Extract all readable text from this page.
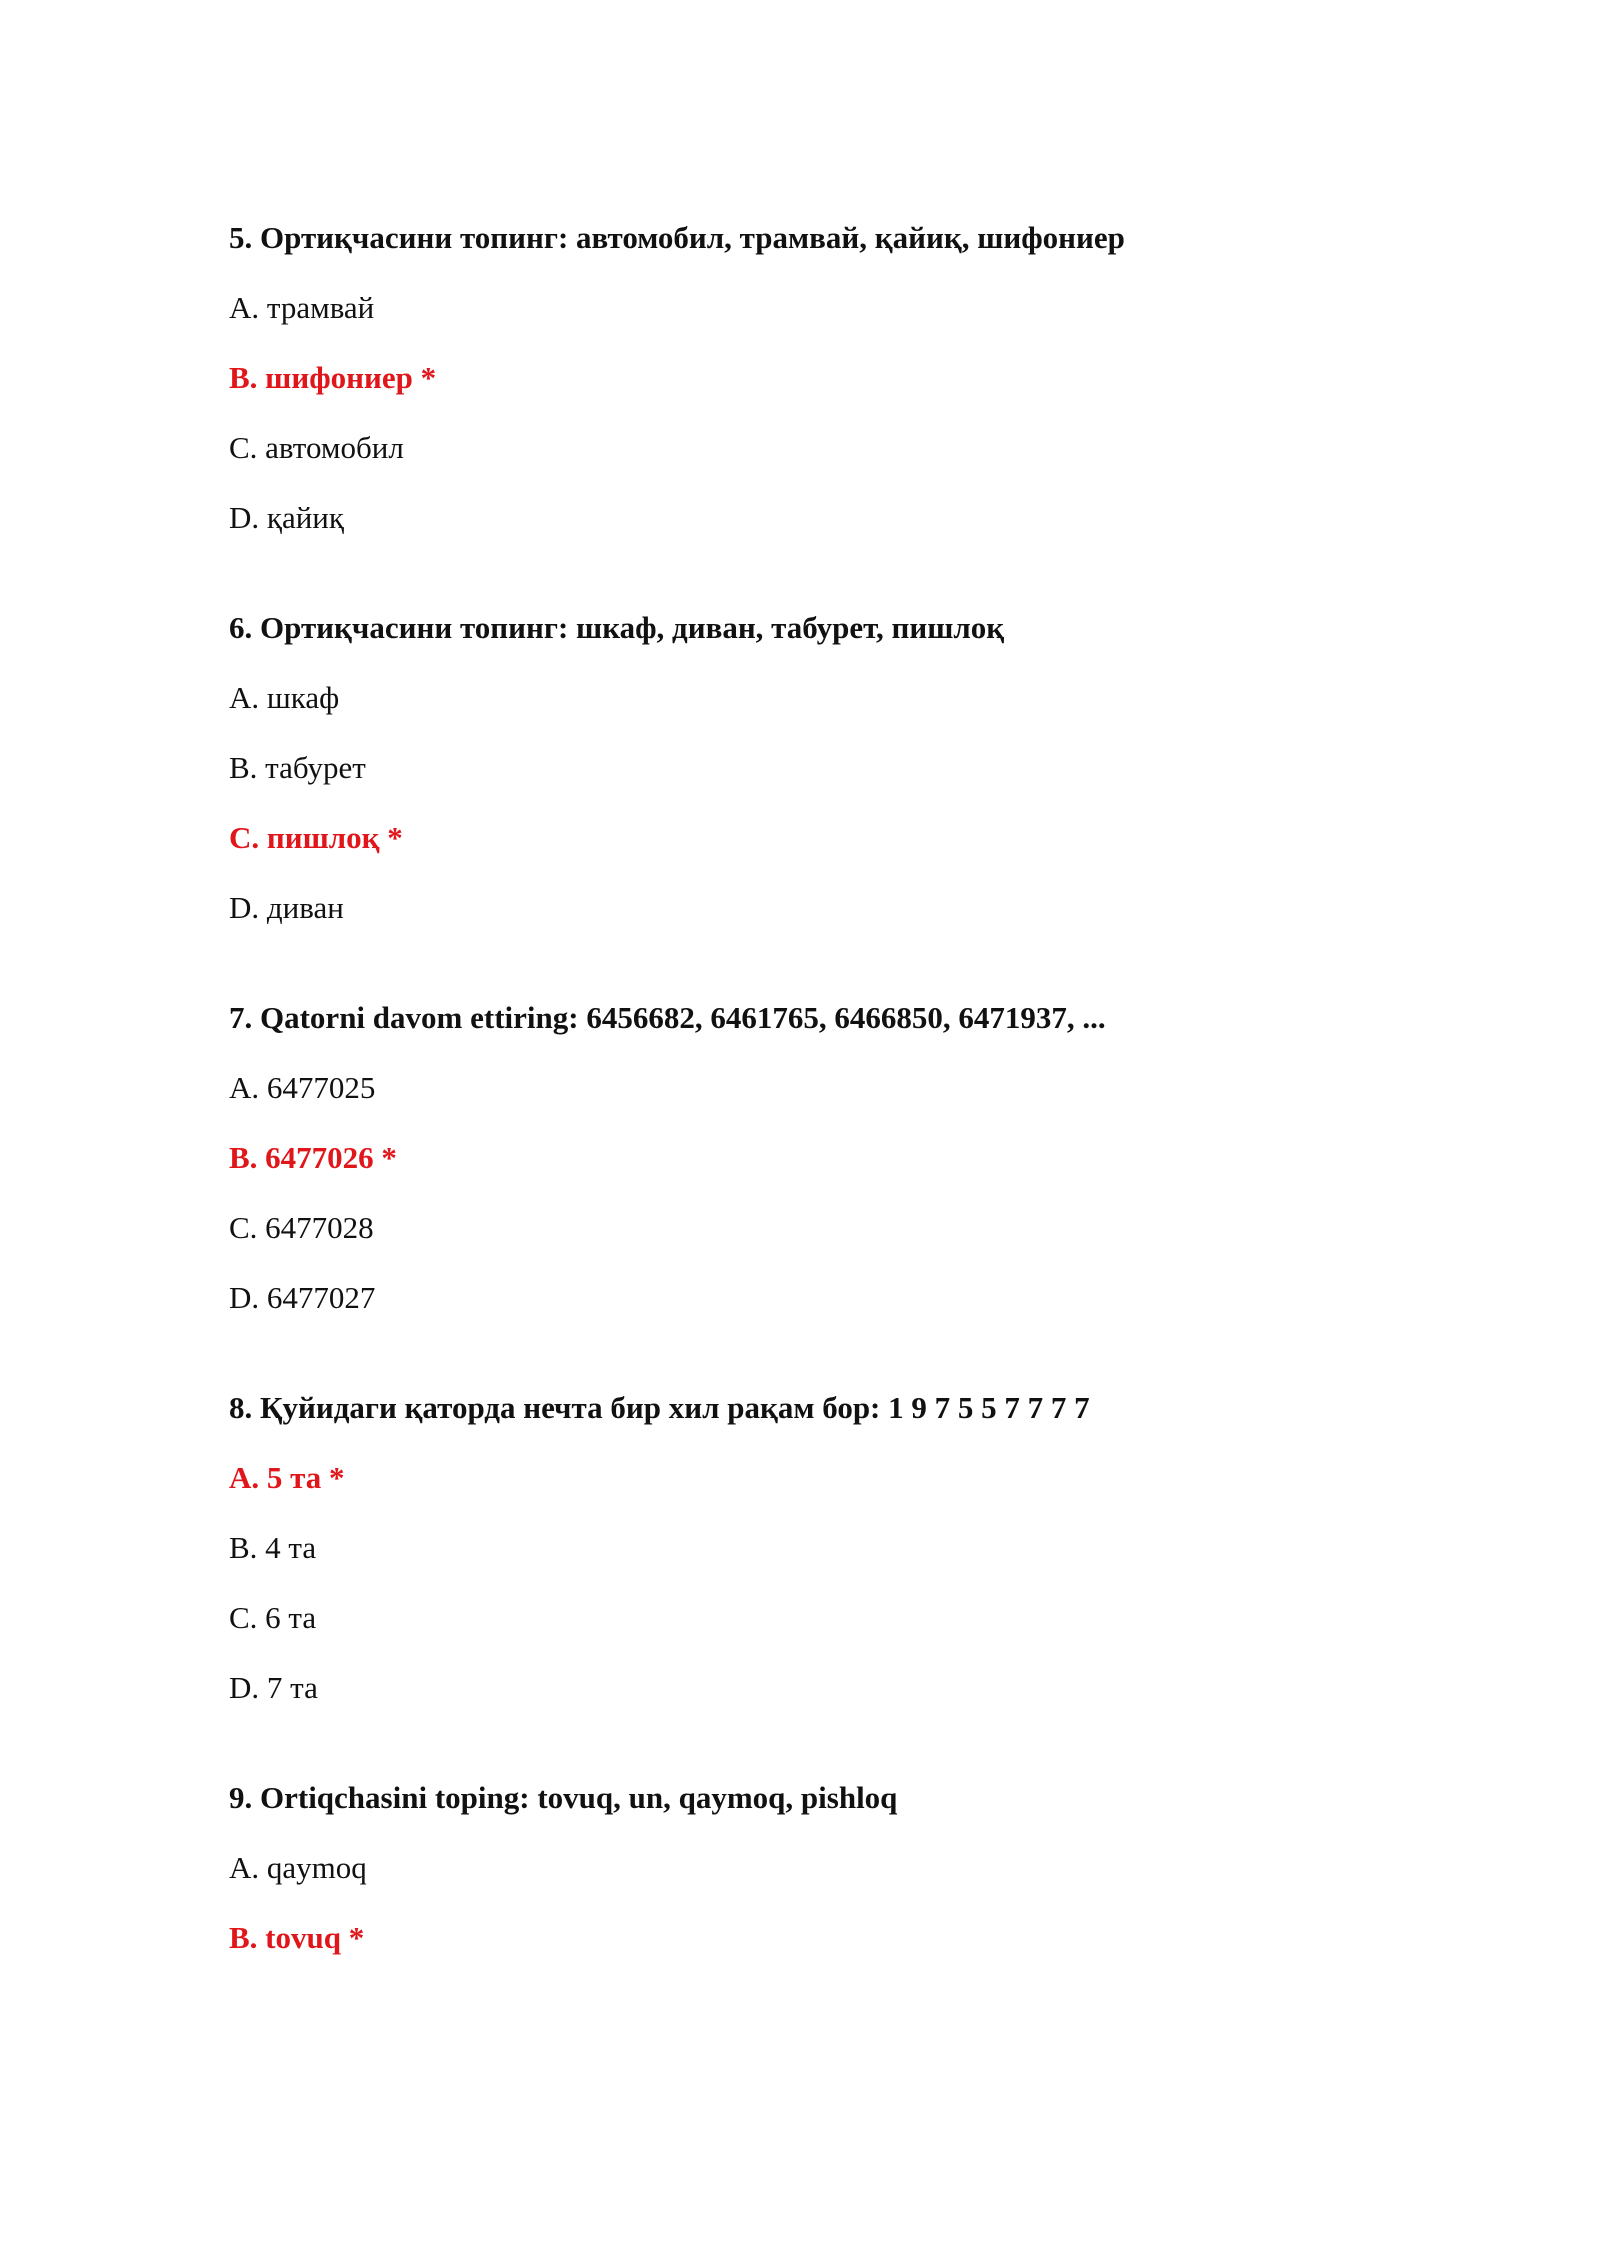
5. Ортиқчасини топинг: автомобил, трамвай, қайиқ, шифониер
A. трамвай
B. шифониер *
C. автомобил
D. қайиқ
6. Ортиқчасини топинг: шкаф, диван, табурет, пишлоқ
A. шкаф
B. табурет
C. пишлоқ *
D. диван
7. Qatorni davom ettiring: 6456682, 6461765, 6466850, 6471937, ...
A. 6477025
B. 6477026 *
C. 6477028
D. 6477027
8. Қуйидаги қаторда нечта бир хил рақам бор: 1 9 7 5 5 7 7 7 7
A. 5 та *
B. 4 та
C. 6 та
D. 7 та
9. Ortiqchasini toping: tovuq, un, qaymoq, pishloq
A. qaymoq
B. tovuq *
